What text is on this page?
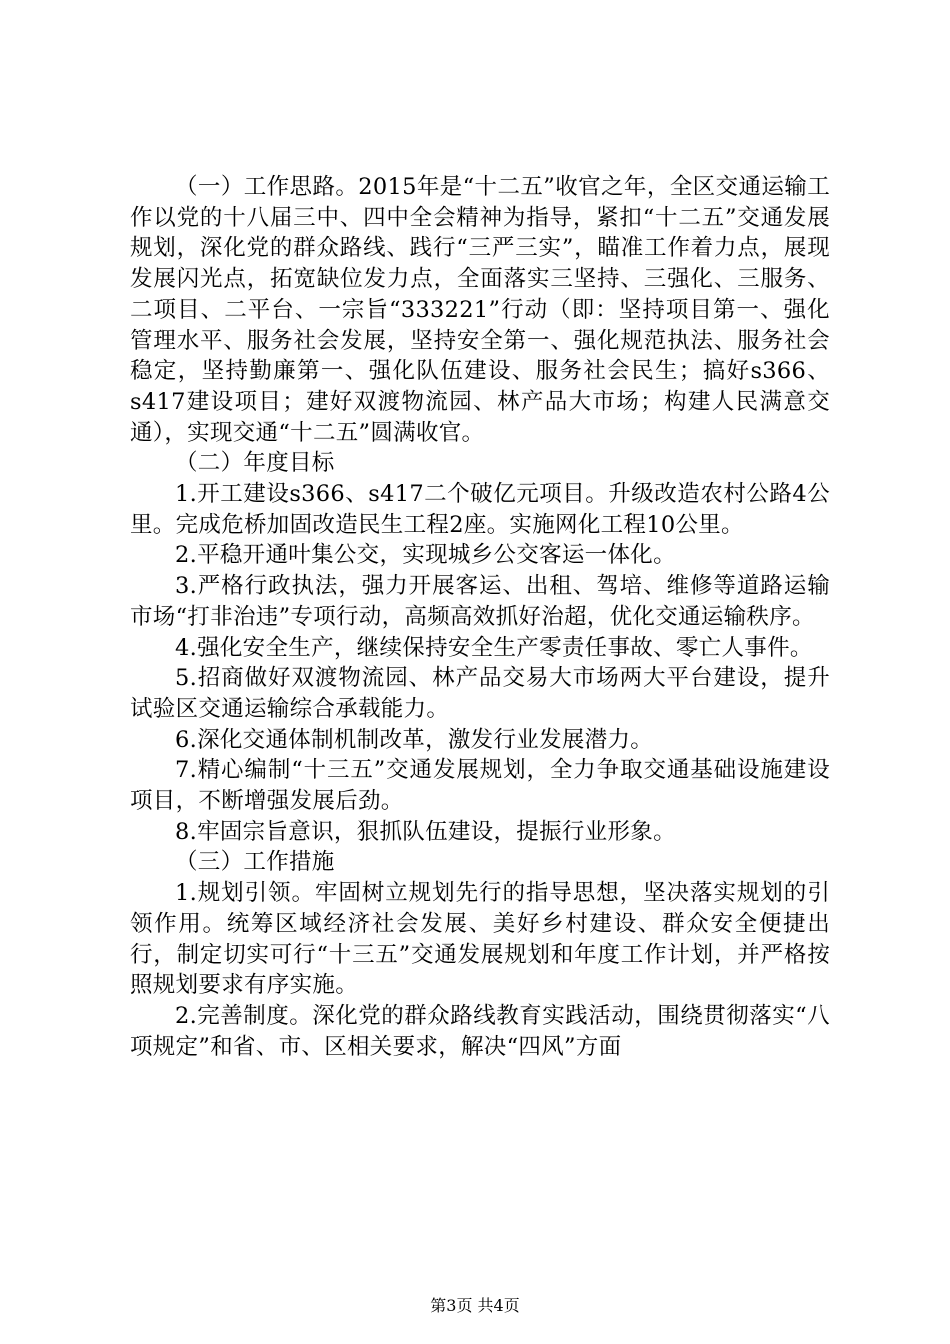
（一）工作思路。2015年是“十二五”收官之年，全区交通运输工作以党的十八届三中、四中全会精神为指导，紧扣“十二五”交通发展规划，深化党的群众路线、践行“三严三实”，瞄准工作着力点，展现发展闪光点，拓宽缺位发力点，全面落实三坚持、三强化、三服务、二项目、二平台、一宗旨“333221”行动（即：坚持项目第一、强化管理水平、服务社会发展，坚持安全第一、强化规范执法、服务社会稳定，坚持勤廉第一、强化队伍建设、服务社会民生；搞好s366、s417建设项目；建好双渡物流园、林产品大市场；构建人民满意交通），实现交通“十二五”圆满收官。

（二）年度目标

1.开工建设s366、s417二个破亿元项目。升级改造农村公路4公里。完成危桥加固改造民生工程2座。实施网化工程10公里。

2.平稳开通叶集公交，实现城乡公交客运一体化。

3.严格行政执法，强力开展客运、出租、驾培、维修等道路运输市场“打非治违”专项行动，高频高效抓好治超，优化交通运输秩序。

4.强化安全生产，继续保持安全生产零责任事故、零亡人事件。

5.招商做好双渡物流园、林产品交易大市场两大平台建设，提升试验区交通运输综合承载能力。

6.深化交通体制机制改革，激发行业发展潜力。

7.精心编制“十三五”交通发展规划，全力争取交通基础设施建设项目，不断增强发展后劲。

8.牢固宗旨意识，狠抓队伍建设，提振行业形象。

（三）工作措施

1.规划引领。牢固树立规划先行的指导思想，坚决落实规划的引领作用。统筹区域经济社会发展、美好乡村建设、群众安全便捷出行，制定切实可行“十三五”交通发展规划和年度工作计划，并严格按照规划要求有序实施。

2.完善制度。深化党的群众路线教育实践活动，围绕贯彻落实“八项规定”和省、市、区相关要求，解决“四风”方面

第3页 共4页
